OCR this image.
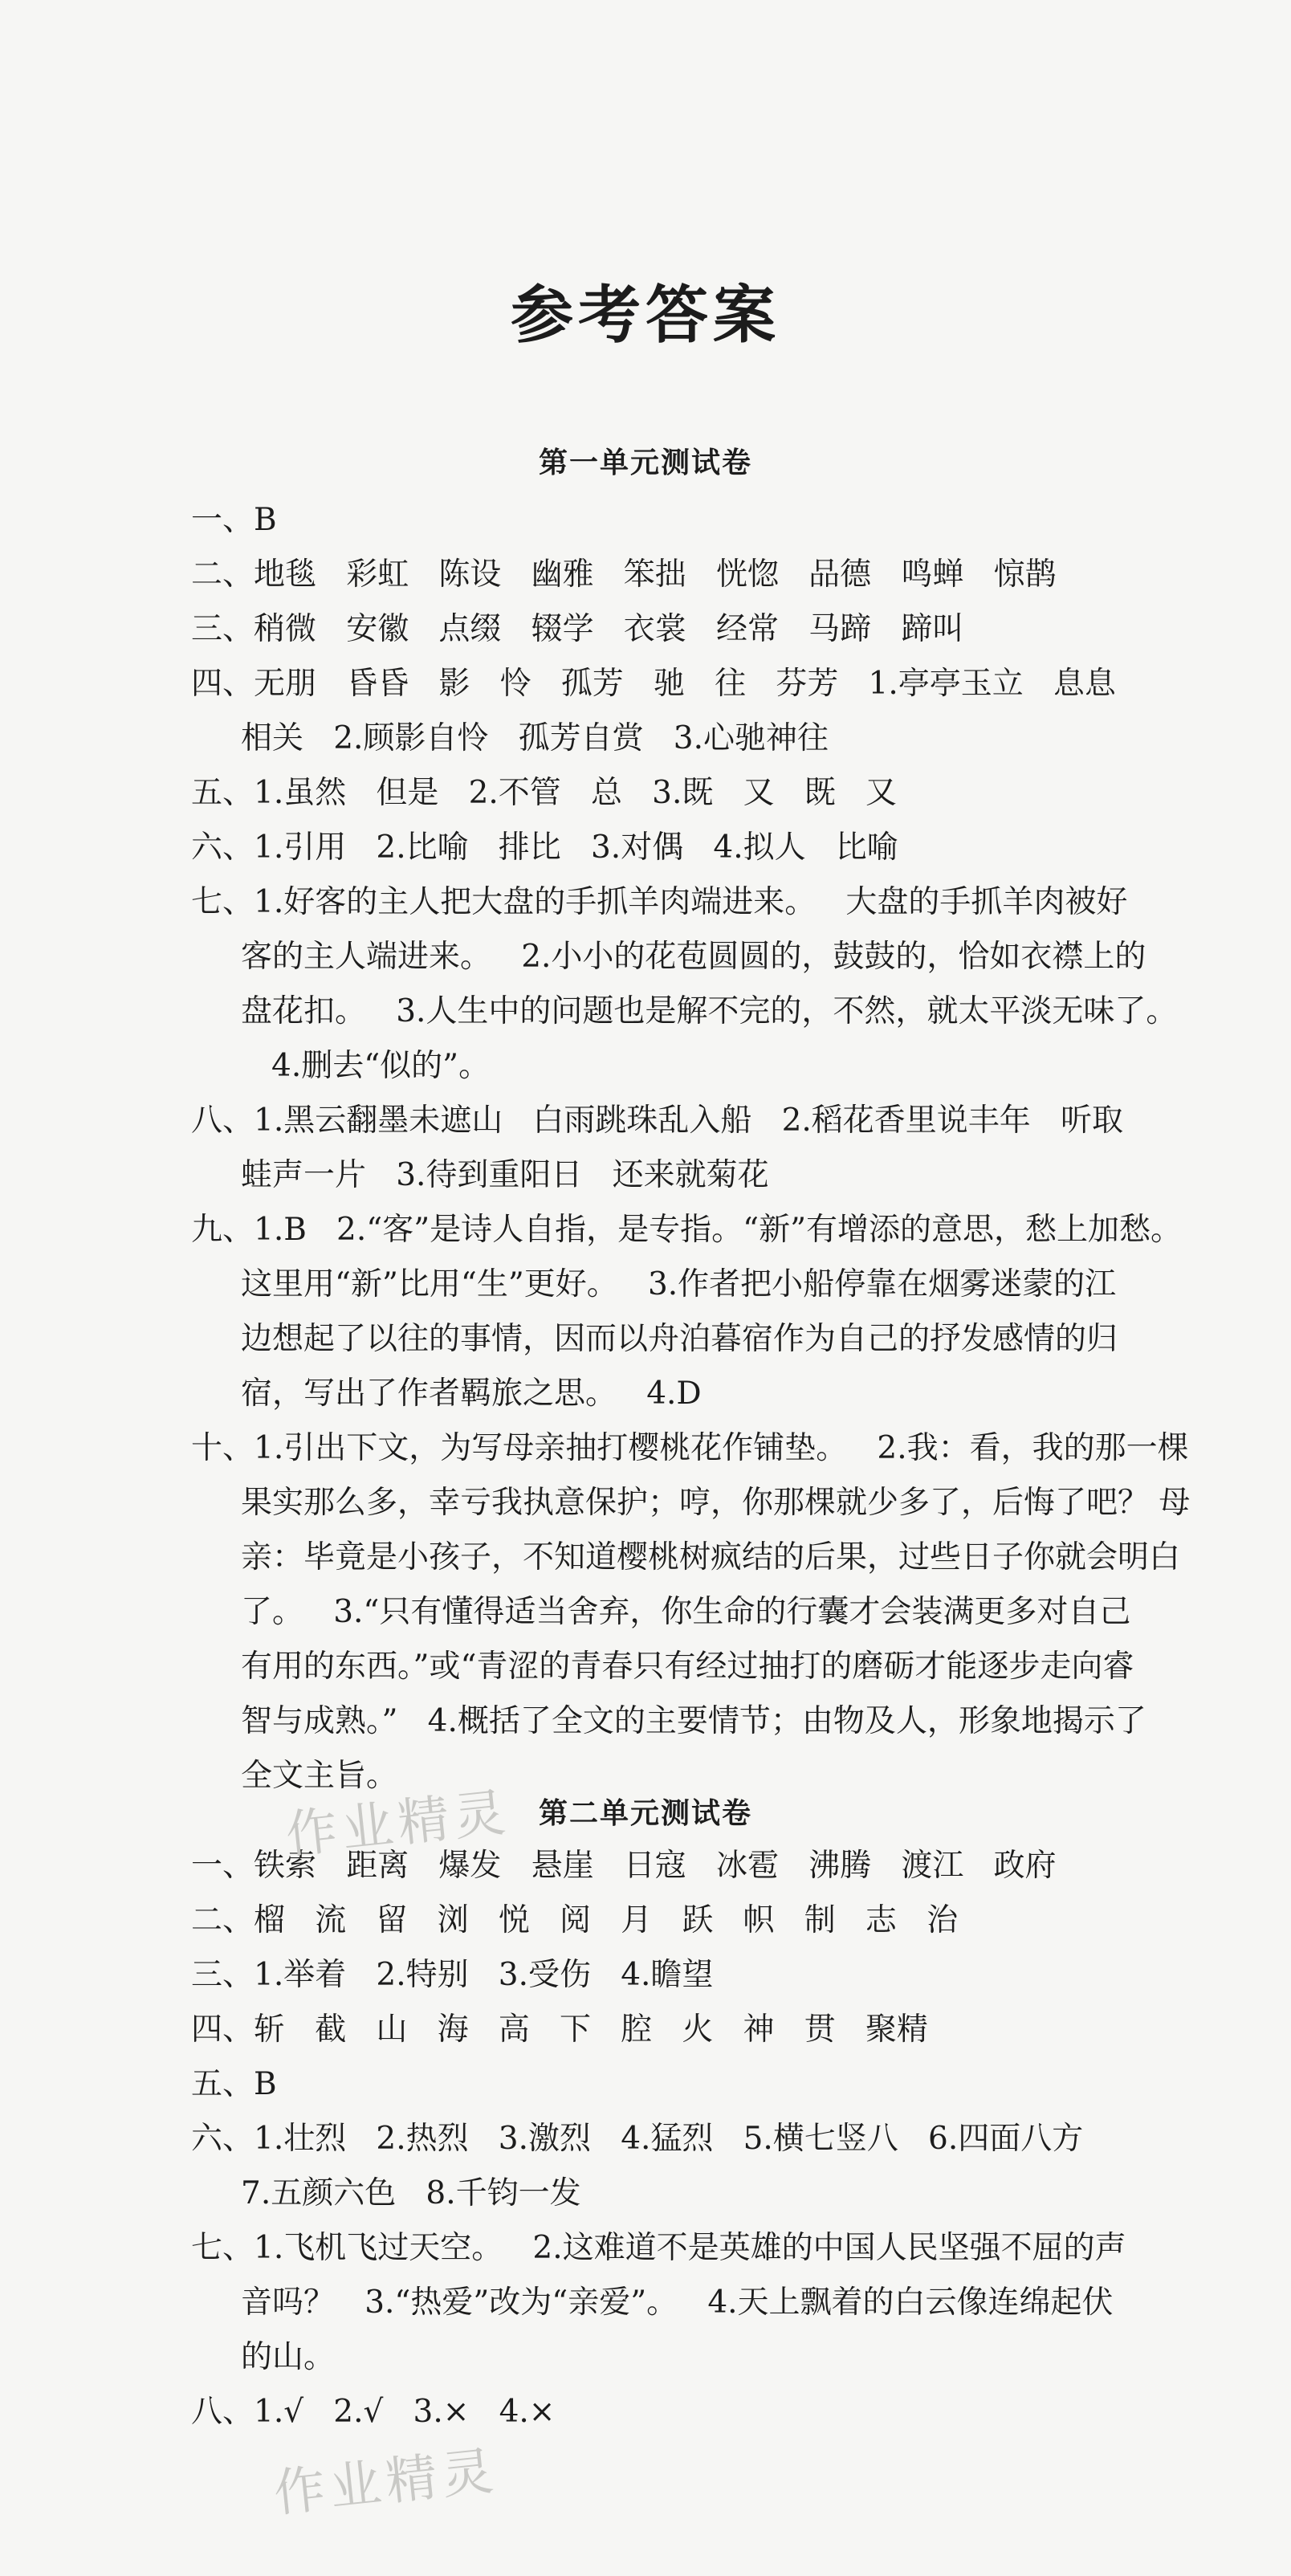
参考答案
第一单元测试卷
一、B
二、地毯   彩虹   陈设   幽雅   笨拙   恍惚   品德   鸣蝉   惊鹊
三、稍微   安徽   点缀   辍学   衣裳   经常   马蹄   蹄叫
四、无朋   昏昏   影   怜   孤芳   驰   往   芬芳   1.亭亭玉立   息息
相关   2.顾影自怜   孤芳自赏   3.心驰神往
五、1.虽然   但是   2.不管   总   3.既   又   既   又
六、1.引用   2.比喻   排比   3.对偶   4.拟人   比喻
七、1.好客的主人把大盘的手抓羊肉端进来。   大盘的手抓羊肉被好
客的主人端进来。   2.小小的花苞圆圆的，鼓鼓的，恰如衣襟上的
盘花扣。   3.人生中的问题也是解不完的，不然，就太平淡无味了。
4.删去“似的”。
八、1.黑云翻墨未遮山   白雨跳珠乱入船   2.稻花香里说丰年   听取
蛙声一片   3.待到重阳日   还来就菊花
九、1.B   2.“客”是诗人自指，是专指。“新”有增添的意思，愁上加愁。
这里用“新”比用“生”更好。   3.作者把小船停靠在烟雾迷蒙的江
边想起了以往的事情，因而以舟泊暮宿作为自己的抒发感情的归
宿，写出了作者羁旅之思。   4.D
十、1.引出下文，为写母亲抽打樱桃花作铺垫。   2.我：看，我的那一棵
果实那么多，幸亏我执意保护；哼，你那棵就少多了，后悔了吧？ 母
亲：毕竟是小孩子，不知道樱桃树疯结的后果，过些日子你就会明白
了。   3.“只有懂得适当舍弃，你生命的行囊才会装满更多对自己
有用的东西。”或“青涩的青春只有经过抽打的磨砺才能逐步走向睿
智与成熟。”   4.概括了全文的主要情节；由物及人，形象地揭示了
全文主旨。
第二单元测试卷
一、铁索   距离   爆发   悬崖   日寇   冰雹   沸腾   渡江   政府
二、榴   流   留   浏   悦   阅   月   跃   帜   制   志   治
三、1.举着   2.特别   3.受伤   4.瞻望
四、斩   截   山   海   高   下   腔   火   神   贯   聚精
五、B
六、1.壮烈   2.热烈   3.激烈   4.猛烈   5.横七竖八   6.四面八方
7.五颜六色   8.千钧一发
七、1.飞机飞过天空。   2.这难道不是英雄的中国人民坚强不屈的声
音吗？   3.“热爱”改为“亲爱”。   4.天上飘着的白云像连绵起伏
的山。
八、1.√   2.√   3.×   4.×
作业精灵
作业精灵
